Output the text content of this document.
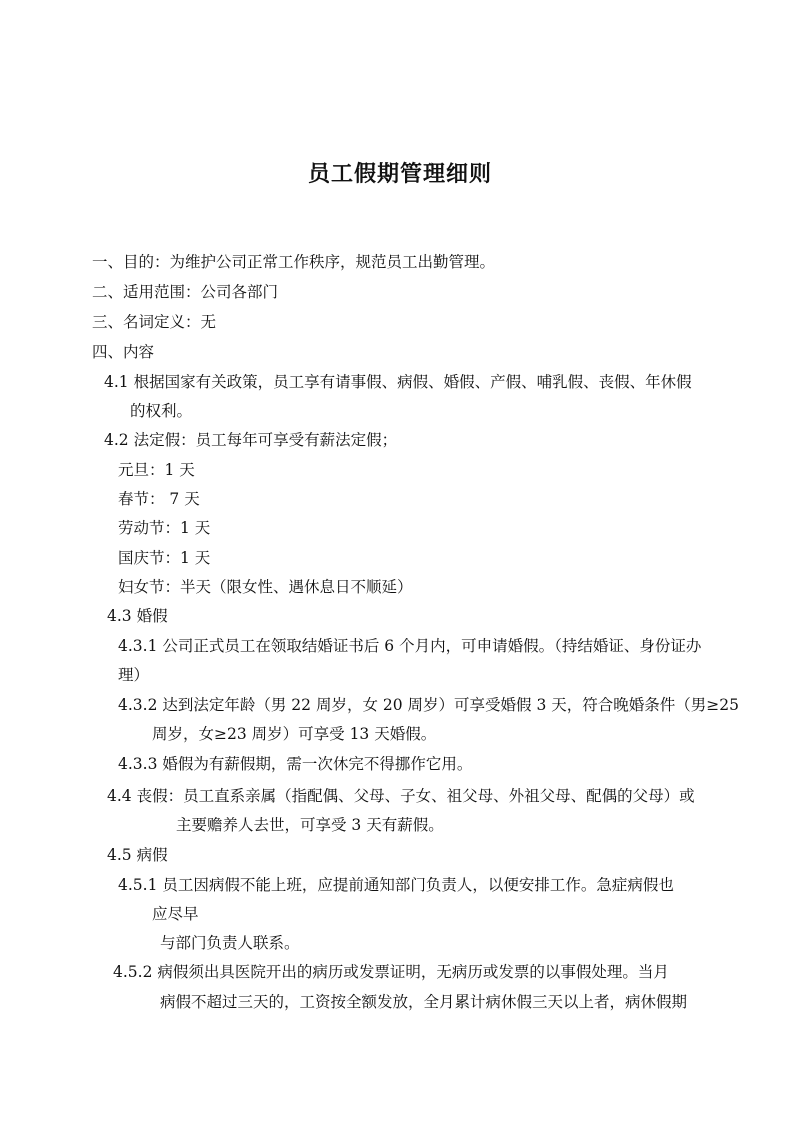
员工假期管理细则
一、目的：为维护公司正常工作秩序，规范员工出勤管理。
二、适用范围：公司各部门
三、名词定义：无
四、内容
4.1 根据国家有关政策，员工享有请事假、病假、婚假、产假、哺乳假、丧假、年休假
的权利。
4.2 法定假：员工每年可享受有薪法定假；
元旦：1 天
春节： 7 天
劳动节：1 天
国庆节：1 天
妇女节：半天（限女性、遇休息日不顺延）
4.3 婚假
4.3.1 公司正式员工在领取结婚证书后 6 个月内，可申请婚假。（持结婚证、身份证办
理）
4.3.2 达到法定年龄（男 22 周岁，女 20 周岁）可享受婚假 3 天，符合晚婚条件（男≥25
周岁，女≥23 周岁）可享受 13 天婚假。
4.3.3 婚假为有薪假期，需一次休完不得挪作它用。
4.4 丧假：员工直系亲属（指配偶、父母、子女、祖父母、外祖父母、配偶的父母）或
主要赡养人去世，可享受 3 天有薪假。
4.5 病假
4.5.1 员工因病假不能上班，应提前通知部门负责人，以便安排工作。急症病假也
应尽早
与部门负责人联系。
4.5.2 病假须出具医院开出的病历或发票证明，无病历或发票的以事假处理。当月
病假不超过三天的，工资按全额发放，全月累计病休假三天以上者，病休假期
